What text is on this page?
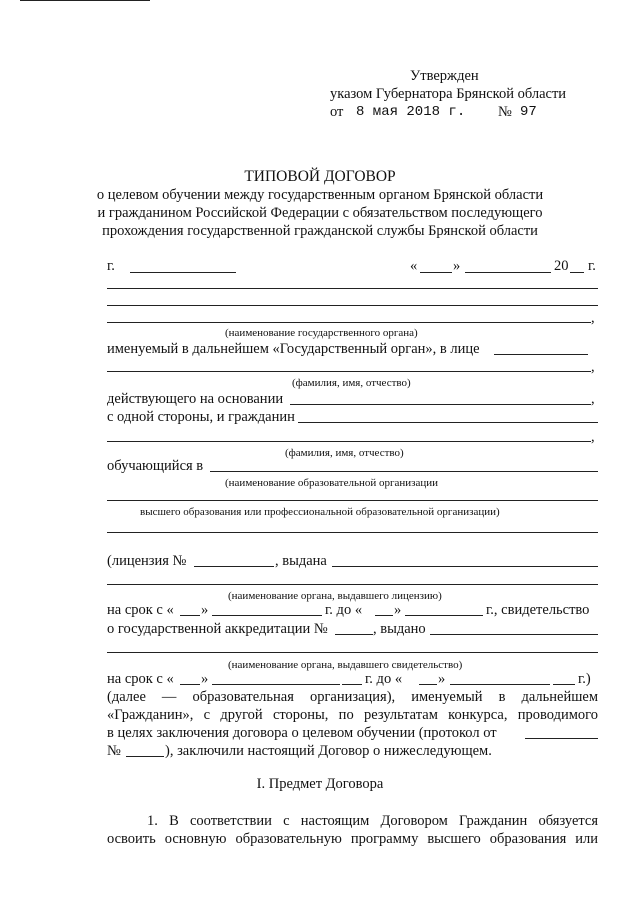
Утвержден
указом Губернатора Брянской области
от 8 мая 2018 г. № 97
ТИПОВОЙ ДОГОВОР
о целевом обучении между государственным органом Брянской области
и гражданином Российской Федерации с обязательством последующего
прохождения государственной гражданской службы Брянской области
г.	« »	20 г.
,
(наименование государственного органа)
именуемый в дальнейшем «Государственный орган», в лице
,
(фамилия, имя, отчество)
действующего на основании	,
с одной стороны, и гражданин
,
(фамилия, имя, отчество)
обучающийся в
(наименование образовательной организации
высшего образования или профессиональной образовательной организации)
(лицензия №	, выдана
(наименование органа, выдавшего лицензию)
на срок с « »	г. до « »	г., свидетельство
о государственной аккредитации №	, выдано
(наименование органа, выдавшего свидетельство)
на срок с « »	г. до « »	г.)
(далее — образовательная организация), именуемый в дальнейшем
«Гражданин», с другой стороны, по результатам конкурса, проводимого
в целях заключения договора о целевом обучении (протокол от
№	), заключили настоящий Договор о нижеследующем.
I. Предмет Договора
1. В соответствии с настоящим Договором Гражданин обязуется
освоить основную образовательную программу высшего образования или
